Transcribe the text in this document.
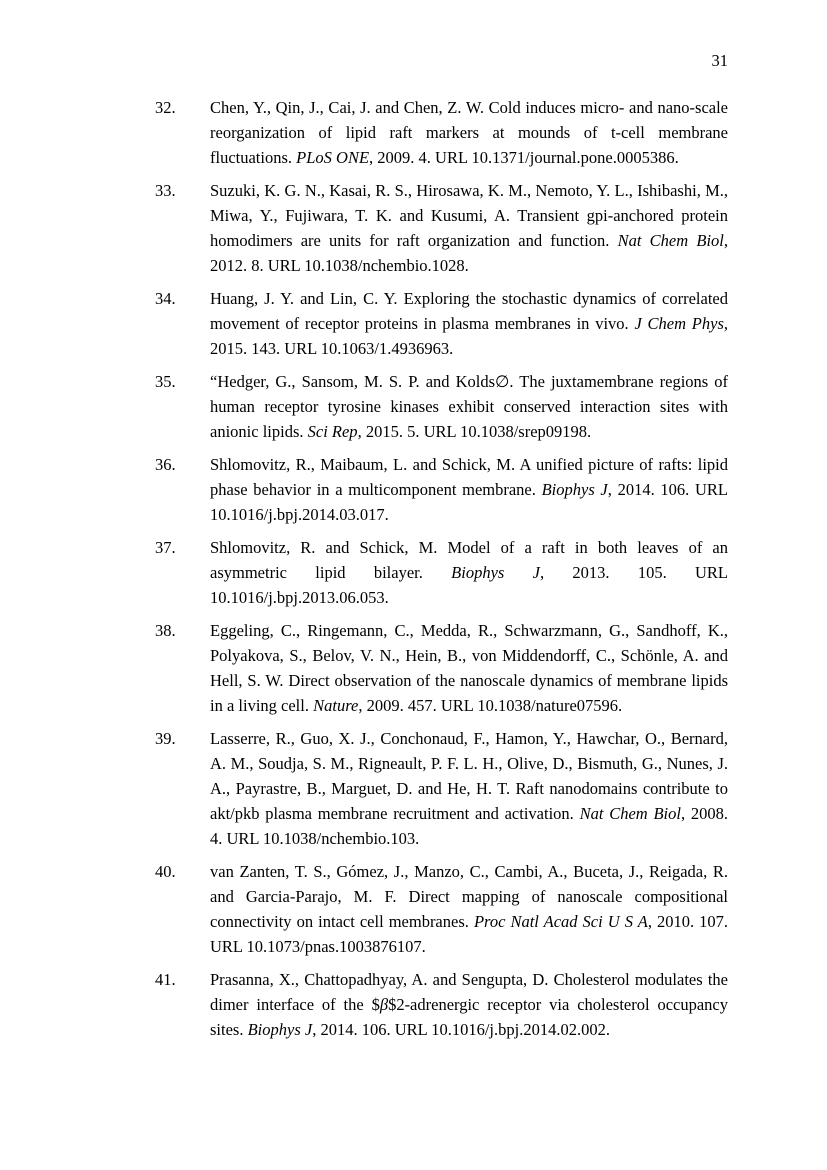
31
32.	Chen, Y., Qin, J., Cai, J. and Chen, Z. W. Cold induces micro- and nano-scale reorganization of lipid raft markers at mounds of t-cell membrane fluctuations. PLoS ONE, 2009. 4. URL 10.1371/journal.pone.0005386.
33.	Suzuki, K. G. N., Kasai, R. S., Hirosawa, K. M., Nemoto, Y. L., Ishibashi, M., Miwa, Y., Fujiwara, T. K. and Kusumi, A. Transient gpi-anchored protein homodimers are units for raft organization and function. Nat Chem Biol, 2012. 8. URL 10.1038/nchembio.1028.
34.	Huang, J. Y. and Lin, C. Y. Exploring the stochastic dynamics of correlated movement of receptor proteins in plasma membranes in vivo. J Chem Phys, 2015. 143. URL 10.1063/1.4936963.
35.	“Hedger, G., Sansom, M. S. P. and Kolds∅. The juxtamembrane regions of human receptor tyrosine kinases exhibit conserved interaction sites with anionic lipids. Sci Rep, 2015. 5. URL 10.1038/srep09198.
36.	Shlomovitz, R., Maibaum, L. and Schick, M. A unified picture of rafts: lipid phase behavior in a multicomponent membrane. Biophys J, 2014. 106. URL 10.1016/j.bpj.2014.03.017.
37.	Shlomovitz, R. and Schick, M. Model of a raft in both leaves of an asymmetric lipid bilayer. Biophys J, 2013. 105. URL 10.1016/j.bpj.2013.06.053.
38.	Eggeling, C., Ringemann, C., Medda, R., Schwarzmann, G., Sandhoff, K., Polyakova, S., Belov, V. N., Hein, B., von Middendorff, C., Schönle, A. and Hell, S. W. Direct observation of the nanoscale dynamics of membrane lipids in a living cell. Nature, 2009. 457. URL 10.1038/nature07596.
39.	Lasserre, R., Guo, X. J., Conchonaud, F., Hamon, Y., Hawchar, O., Bernard, A. M., Soudja, S. M., Rigneault, P. F. L. H., Olive, D., Bismuth, G., Nunes, J. A., Payrastre, B., Marguet, D. and He, H. T. Raft nanodomains contribute to akt/pkb plasma membrane recruitment and activation. Nat Chem Biol, 2008. 4. URL 10.1038/nchembio.103.
40.	van Zanten, T. S., Gómez, J., Manzo, C., Cambi, A., Buceta, J., Reigada, R. and Garcia-Parajo, M. F. Direct mapping of nanoscale compositional connectivity on intact cell membranes. Proc Natl Acad Sci U S A, 2010. 107. URL 10.1073/pnas.1003876107.
41.	Prasanna, X., Chattopadhyay, A. and Sengupta, D. Cholesterol modulates the dimer interface of the $β$2-adrenergic receptor via cholesterol occupancy sites. Biophys J, 2014. 106. URL 10.1016/j.bpj.2014.02.002.
